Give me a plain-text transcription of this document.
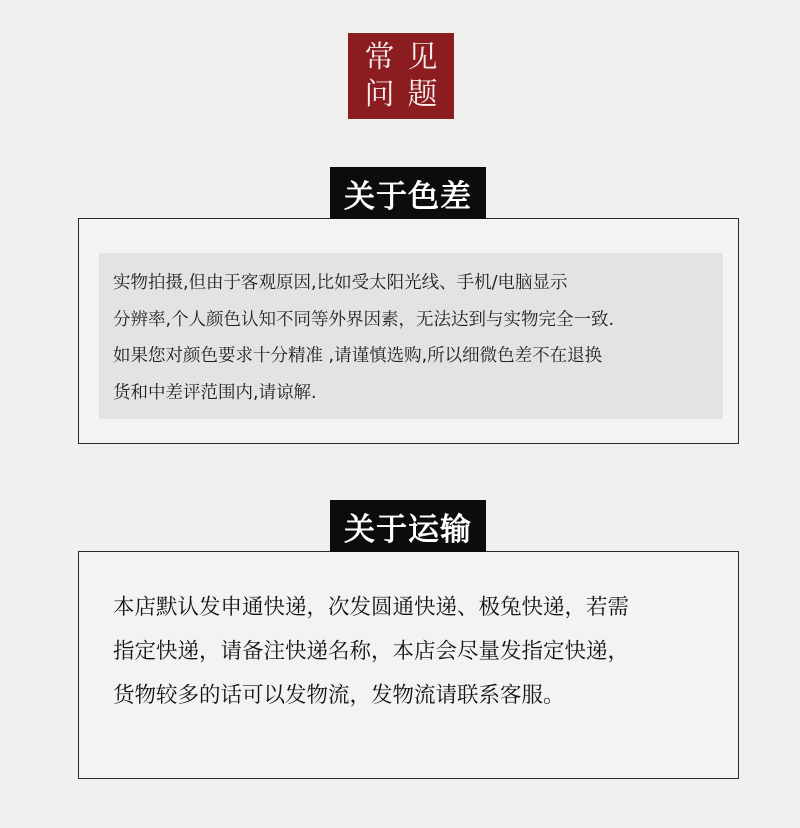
常 见
问 题
关于色差

实物拍摄,但由于客观原因,比如受太阳光线、手机/电脑显示

分辨率,个人颜色认知不同等外界因素，无法达到与实物完全一致.

如果您对颜色要求十分精准 ,请谨慎选购,所以细微色差不在退换

货和中差评范围内,请谅解.

关于运输

本店默认发申通快递，次发圆通快递、极兔快递，若需

指定快递，请备注快递名称，本店会尽量发指定快递，

货物较多的话可以发物流，发物流请联系客服。
